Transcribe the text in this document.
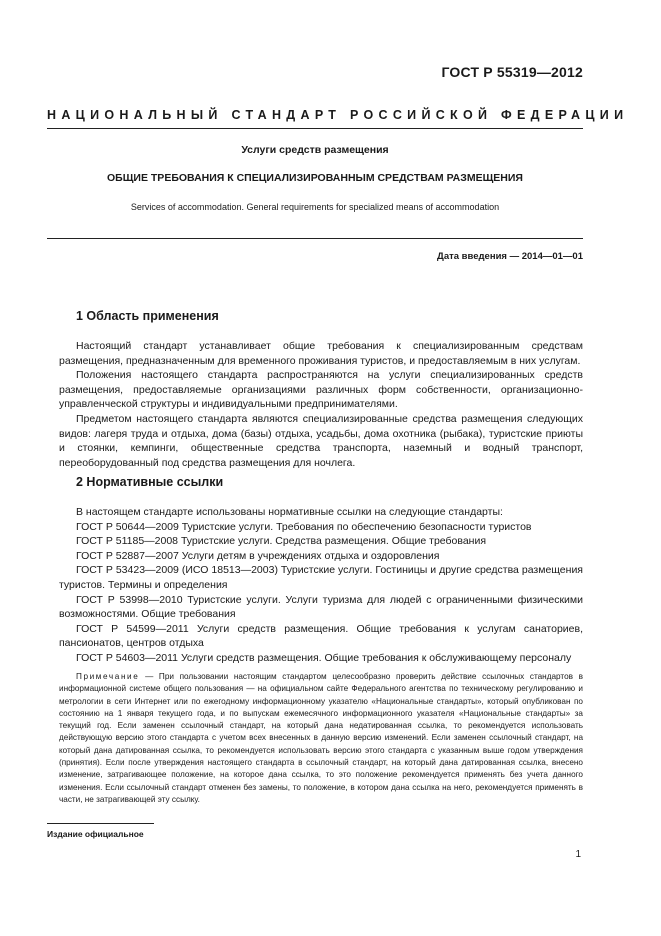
ГОСТ Р 55319—2012
НАЦИОНАЛЬНЫЙ СТАНДАРТ РОССИЙСКОЙ ФЕДЕРАЦИИ
Услуги средств размещения
ОБЩИЕ ТРЕБОВАНИЯ К СПЕЦИАЛИЗИРОВАННЫМ СРЕДСТВАМ РАЗМЕЩЕНИЯ
Services of accommodation. General requirements for specialized means of accommodation
Дата введения — 2014—01—01
1 Область применения

Настоящий стандарт устанавливает общие требования к специализированным средствам размещения, предназначенным для временного проживания туристов, и предоставляемым в них услугам.

Положения настоящего стандарта распространяются на услуги специализированных средств размещения, предоставляемые организациями различных форм собственности, организационно-управленческой структуры и индивидуальными предпринимателями.

Предметом настоящего стандарта являются специализированные средства размещения следующих видов: лагеря труда и отдыха, дома (базы) отдыха, усадьбы, дома охотника (рыбака), туристские приюты и стоянки, кемпинги, общественные средства транспорта, наземный и водный транспорт, переоборудованный под средства размещения для ночлега.

2 Нормативные ссылки

В настоящем стандарте использованы нормативные ссылки на следующие стандарты:

ГОСТ Р 50644—2009 Туристские услуги. Требования по обеспечению безопасности туристов

ГОСТ Р 51185—2008 Туристские услуги. Средства размещения. Общие требования

ГОСТ Р 52887—2007 Услуги детям в учреждениях отдыха и оздоровления

ГОСТ Р 53423—2009 (ИСО 18513—2003) Туристские услуги. Гостиницы и другие средства размещения туристов. Термины и определения

ГОСТ Р 53998—2010 Туристские услуги. Услуги туризма для людей с ограниченными физическими возможностями. Общие требования

ГОСТ Р 54599—2011 Услуги средств размещения. Общие требования к услугам санаториев, пансионатов, центров отдыха

ГОСТ Р 54603—2011 Услуги средств размещения. Общие требования к обслуживающему персоналу

Примечание — При пользовании настоящим стандартом целесообразно проверить действие ссылочных стандартов в информационной системе общего пользования — на официальном сайте Федерального агентства по техническому регулированию и метрологии в сети Интернет или по ежегодному информационному указателю «Национальные стандарты», который опубликован по состоянию на 1 января текущего года, и по выпускам ежемесячного информационного указателя «Национальные стандарты» за текущий год. Если заменен ссылочный стандарт, на который дана недатированная ссылка, то рекомендуется использовать действующую версию этого стандарта с учетом всех внесенных в данную версию изменений. Если заменен ссылочный стандарт, на который дана датированная ссылка, то рекомендуется использовать версию этого стандарта с указанным выше годом утверждения (принятия). Если после утверждения настоящего стандарта в ссылочный стандарт, на который дана датированная ссылка, внесено изменение, затрагивающее положение, на которое дана ссылка, то это положение рекомендуется применять без учета данного изменения. Если ссылочный стандарт отменен без замены, то положение, в котором дана ссылка на него, рекомендуется применять в части, не затрагивающей эту ссылку.

Издание официальное
1
